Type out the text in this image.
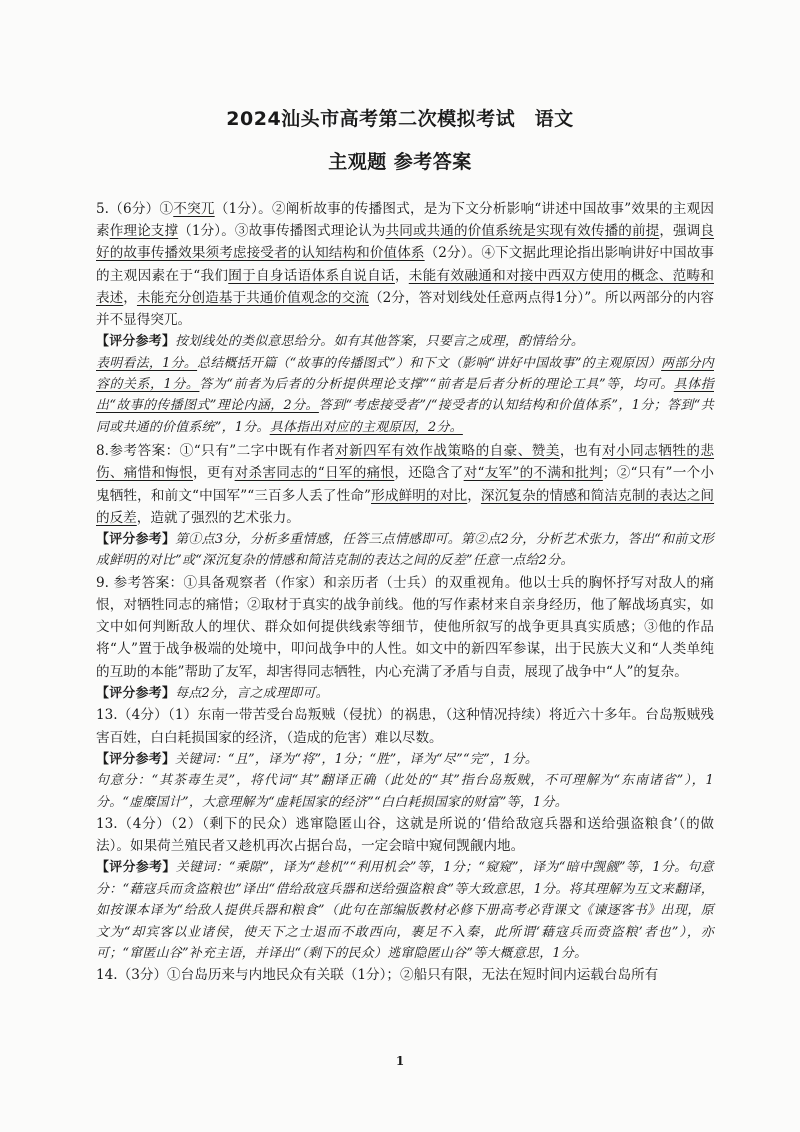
2024汕头市高考第二次模拟考试　语文
主观题 参考答案

5.（6分）①不突兀（1分）。②阐析故事的传播图式，是为下文分析影响“讲述中国故事”效果的主观因素作理论支撑（1分）。③故事传播图式理论认为共同或共通的价值系统是实现有效传播的前提，强调良好的故事传播效果须考虑接受者的认知结构和价值体系（2分）。④下文据此理论指出影响讲好中国故事的主观因素在于“我们囿于自身话语体系自说自话，未能有效融通和对接中西双方使用的概念、范畴和表述，未能充分创造基于共通价值观念的交流（2分，答对划线处任意两点得1分）”。所以两部分的内容并不显得突兀。

【评分参考】按划线处的类似意思给分。如有其他答案，只要言之成理，酌情给分。

表明看法，1分。总结概括开篇（“故事的传播图式”）和下文（影响“讲好中国故事”的主观原因）两部分内容的关系，1分。答为“前者为后者的分析提供理论支撑”“前者是后者分析的理论工具”等，均可。具体指出“故事的传播图式”理论内涵，2分。答到“考虑接受者”/“接受者的认知结构和价值体系”，1分；答到“共同或共通的价值系统”，1分。具体指出对应的主观原因，2分。

8.参考答案：①“只有”二字中既有作者对新四军有效作战策略的自豪、赞美，也有对小同志牺牲的悲伤、痛惜和悔恨，更有对杀害同志的“日军的痛恨，还隐含了对“友军”的不满和批判；②“只有”一个小鬼牺牲，和前文“中国军”“三百多人丢了性命”形成鲜明的对比，深沉复杂的情感和简洁克制的表达之间的反差，造就了强烈的艺术张力。

【评分参考】第①点3分，分析多重情感，任答三点情感即可。第②点2分，分析艺术张力，答出“和前文形成鲜明的对比”或“深沉复杂的情感和简洁克制的表达之间的反差”任意一点给2分。

9. 参考答案：①具备观察者（作家）和亲历者（士兵）的双重视角。他以士兵的胸怀抒写对敌人的痛恨，对牺牲同志的痛惜；②取材于真实的战争前线。他的写作素材来自亲身经历，他了解战场真实，如文中如何判断敌人的埋伏、群众如何提供线索等细节，使他所叙写的战争更具真实质感；③他的作品将“人”置于战争极端的处境中，叩问战争中的人性。如文中的新四军参谋，出于民族大义和“人类单纯的互助的本能”帮助了友军，却害得同志牺牲，内心充满了矛盾与自责，展现了战争中“人”的复杂。

【评分参考】每点2分，言之成理即可。

13.（4分）（1）东南一带苦受台岛叛贼（侵扰）的祸患，（这种情况持续）将近六十多年。台岛叛贼残害百姓，白白耗损国家的经济，（造成的危害）难以尽数。

【评分参考】关键词：“且”，译为“将”，1分；“胜”，译为“尽”“完”，1分。

句意分：“其茶毒生灵”，将代词“其”翻译正确（此处的“其”指台岛叛贼，不可理解为“东南诸省”），1分。“虚糜国计”，大意理解为“虚耗国家的经济”“白白耗损国家的财富”等，1分。

13.（4分）（2）（剩下的民众）逃窜隐匿山谷，这就是所说的‘借给敌寇兵器和送给强盗粮食’（的做法）。如果荷兰殖民者又趁机再次占据台岛，一定会暗中窥伺觊觎内地。

【评分参考】关键词：“乘隙”，译为“趁机”“利用机会”等，1分；“窥窥”，译为“暗中觊觎”等，1分。句意分：“藉寇兵而贪盗粮也”译出“借给敌寇兵器和送给强盗粮食”等大致意思，1分。将其理解为互文来翻译，如按课本译为“给敌人提供兵器和粮食”（此句在部编版教材必修下册高考必背课文《谏逐客书》出现，原文为“却宾客以业诸侯，使天下之士退而不敢西向，裹足不入秦，此所谓‘藉寇兵而赍盗粮’者也”），亦可；“窜匿山谷”补充主语，并译出“（剩下的民众）逃窜隐匿山谷”等大概意思，1分。

14.（3分）①台岛历来与内地民众有关联（1分）；②船只有限，无法在短时间内运载台岛所有

1
